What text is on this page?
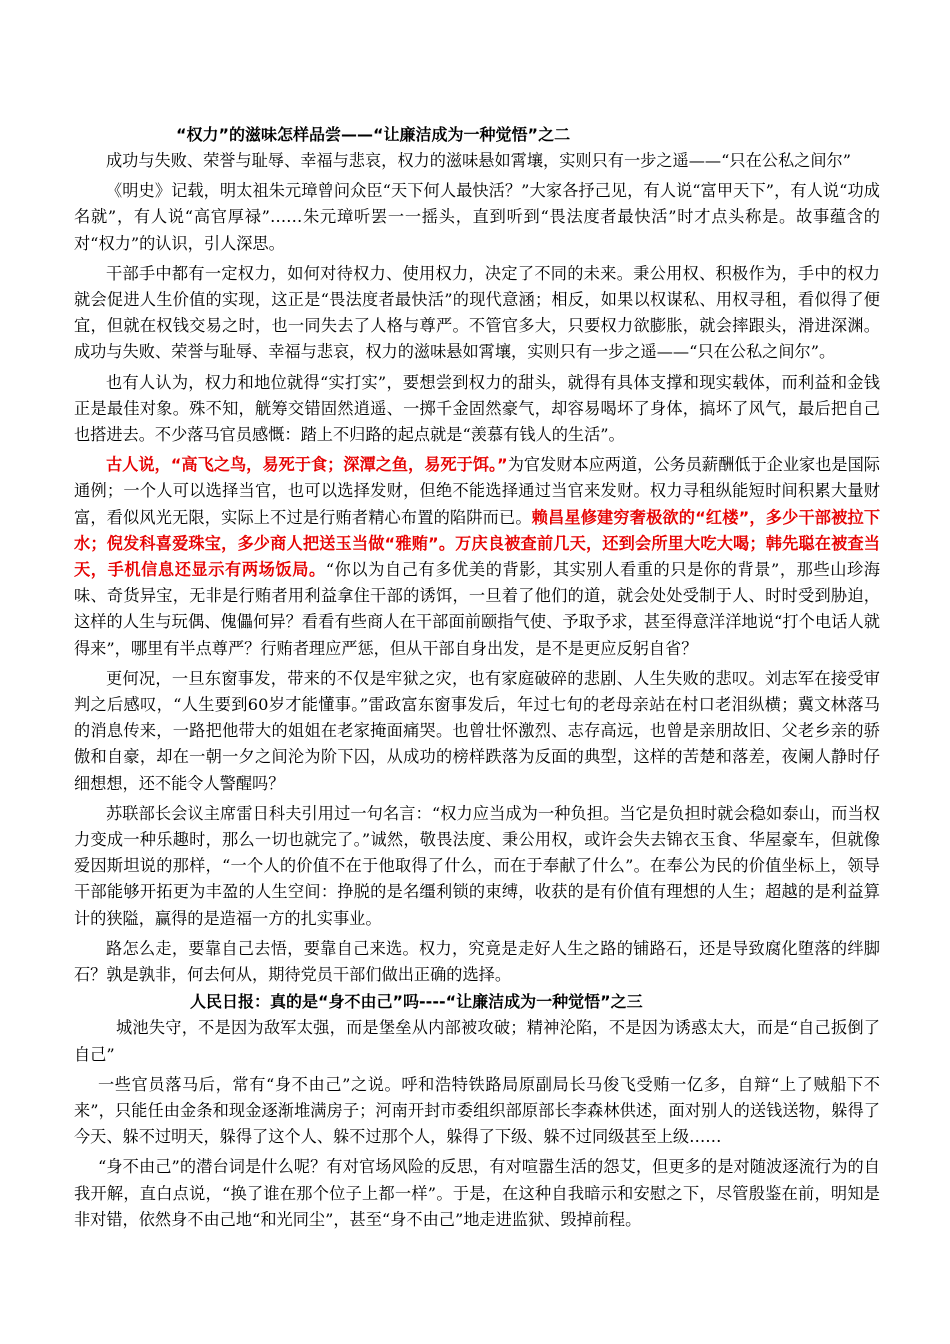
“权力”的滋味怎样品尝——“让廉洁成为一种觉悟”之二

成功与失败、荣誉与耻辱、幸福与悲哀，权力的滋味悬如霄壤，实则只有一步之遥——“只在公私之间尔”

《明史》记载，明太祖朱元璋曾问众臣“天下何人最快活？”大家各抒己见，有人说“富甲天下”，有人说“功成名就”，有人说“高官厚禄”……朱元璋听罢一一摇头，直到听到“畏法度者最快活”时才点头称是。故事蕴含的对“权力”的认识，引人深思。

干部手中都有一定权力，如何对待权力、使用权力，决定了不同的未来。秉公用权、积极作为，手中的权力就会促进人生价值的实现，这正是“畏法度者最快活”的现代意涵；相反，如果以权谋私、用权寻租，看似得了便宜，但就在权钱交易之时，也一同失去了人格与尊严。不管官多大，只要权力欲膨胀，就会摔跟头，滑进深渊。成功与失败、荣誉与耻辱、幸福与悲哀，权力的滋味悬如霄壤，实则只有一步之遥——“只在公私之间尔”。

也有人认为，权力和地位就得“实打实”，要想尝到权力的甜头，就得有具体支撑和现实载体，而利益和金钱正是最佳对象。殊不知，觥筹交错固然逍遥、一掷千金固然豪气，却容易喝坏了身体，搞坏了风气，最后把自己也搭进去。不少落马官员感慨：踏上不归路的起点就是“羡慕有钱人的生活”。

古人说，“高飞之鸟，易死于食；深潭之鱼，易死于饵。”为官发财本应两道，公务员薪酬低于企业家也是国际通例；一个人可以选择当官，也可以选择发财，但绝不能选择通过当官来发财。权力寻租纵能短时间积累大量财富，看似风光无限，实际上不过是行贿者精心布置的陷阱而已。赖昌星修建穷奢极欲的“红楼”，多少干部被拉下水；倪发科喜爱珠宝，多少商人把送玉当做“雅贿”。万庆良被查前几天，还到会所里大吃大喝；韩先聪在被查当天，手机信息还显示有两场饭局。“你以为自己有多优美的背影，其实别人看重的只是你的背景”，那些山珍海味、奇货异宝，无非是行贿者用利益拿住干部的诱饵，一旦着了他们的道，就会处处受制于人、时时受到胁迫，这样的人生与玩偶、傀儡何异？看看有些商人在干部面前颐指气使、予取予求，甚至得意洋洋地说“打个电话人就得来”，哪里有半点尊严？行贿者理应严惩，但从干部自身出发，是不是更应反躬自省？

更何况，一旦东窗事发，带来的不仅是牢狱之灾，也有家庭破碎的悲剧、人生失败的悲叹。刘志军在接受审判之后感叹，“人生要到60岁才能懂事。”雷政富东窗事发后，年过七旬的老母亲站在村口老泪纵横；冀文林落马的消息传来，一路把他带大的姐姐在老家掩面痛哭。也曾壮怀激烈、志存高远，也曾是亲朋故旧、父老乡亲的骄傲和自豪，却在一朝一夕之间沦为阶下囚，从成功的榜样跌落为反面的典型，这样的苦楚和落差，夜阑人静时仔细想想，还不能令人警醒吗？

苏联部长会议主席雷日科夫引用过一句名言：“权力应当成为一种负担。当它是负担时就会稳如泰山，而当权力变成一种乐趣时，那么一切也就完了。”诚然，敬畏法度、秉公用权，或许会失去锦衣玉食、华屋豪车，但就像爱因斯坦说的那样，“一个人的价值不在于他取得了什么，而在于奉献了什么”。在奉公为民的价值坐标上，领导干部能够开拓更为丰盈的人生空间：挣脱的是名缰利锁的束缚，收获的是有价值有理想的人生；超越的是利益算计的狭隘，赢得的是造福一方的扎实事业。

路怎么走，要靠自己去悟，要靠自己来选。权力，究竟是走好人生之路的铺路石，还是导致腐化堕落的绊脚石？孰是孰非，何去何从，期待党员干部们做出正确的选择。

人民日报：真的是“身不由己”吗----“让廉洁成为一种觉悟”之三

城池失守，不是因为敌军太强，而是堡垒从内部被攻破；精神沦陷，不是因为诱惑太大，而是“自己扳倒了自己”

一些官员落马后，常有“身不由己”之说。呼和浩特铁路局原副局长马俊飞受贿一亿多，自辩“上了贼船下不来”，只能任由金条和现金逐渐堆满房子；河南开封市委组织部原部长李森林供述，面对别人的送钱送物，躲得了今天、躲不过明天，躲得了这个人、躲不过那个人，躲得了下级、躲不过同级甚至上级……

“身不由己”的潜台词是什么呢？有对官场风险的反思，有对喧嚣生活的怨艾，但更多的是对随波逐流行为的自我开解，直白点说，“换了谁在那个位子上都一样”。于是，在这种自我暗示和安慰之下，尽管殷鉴在前，明知是非对错，依然身不由己地“和光同尘”，甚至“身不由己”地走进监狱、毁掉前程。
